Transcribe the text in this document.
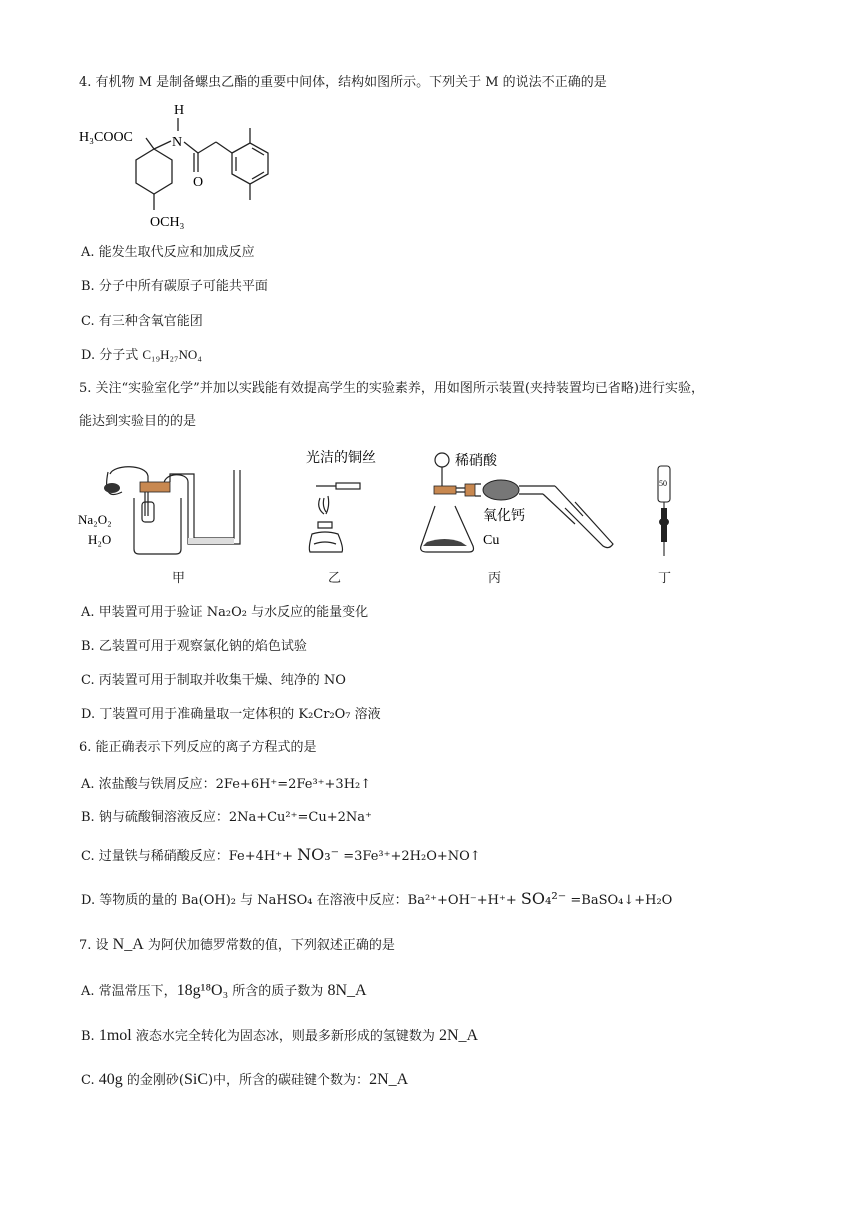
4. 有机物 M 是制备螺虫乙酯的重要中间体，结构如图所示。下列关于 M 的说法不正确的是
H
H₃COOC	N
O
OCH₃
A. 能发生取代反应和加成反应
B. 分子中所有碳原子可能共平面
C. 有三种含氧官能团
D. 分子式 C₁₉H₂₇NO₄
5. 关注“实验室化学”并加以实践能有效提高学生的实验素养，用如图所示装置(夹持装置均已省略)进行实验，
能达到实验目的的是
Na₂O₂
H₂O
光洁的铜丝	稀硝酸
氧化钙
Cu
50
甲	乙	丙	丁
A. 甲装置可用于验证 Na₂O₂ 与水反应的能量变化
B. 乙装置可用于观察氯化钠的焰色试验
C. 丙装置可用于制取并收集干燥、纯净的 NO
D. 丁装置可用于准确量取一定体积的 K₂Cr₂O₇ 溶液
6. 能正确表示下列反应的离子方程式的是
A. 浓盐酸与铁屑反应：2Fe+6H⁺=2Fe³⁺+3H₂↑
B. 钠与硫酸铜溶液反应：2Na+Cu²⁺=Cu+2Na⁺
C. 过量铁与稀硝酸反应：Fe+4H⁺+ NO₃⁻ =3Fe³⁺+2H₂O+NO↑
D. 等物质的量的 Ba(OH)₂ 与 NaHSO₄ 在溶液中反应：Ba²⁺+OH⁻+H⁺+ SO₄²⁻ =BaSO₄↓+H₂O
7. 设 N_A 为阿伏加德罗常数的值，下列叙述正确的是
A. 常温常压下，18g¹⁸O₃ 所含的质子数为 8N_A
B. 1mol 液态水完全转化为固态冰，则最多新形成的氢键数为 2N_A
C. 40g 的金刚砂(SiC)中，所含的碳硅键个数为：2N_A
